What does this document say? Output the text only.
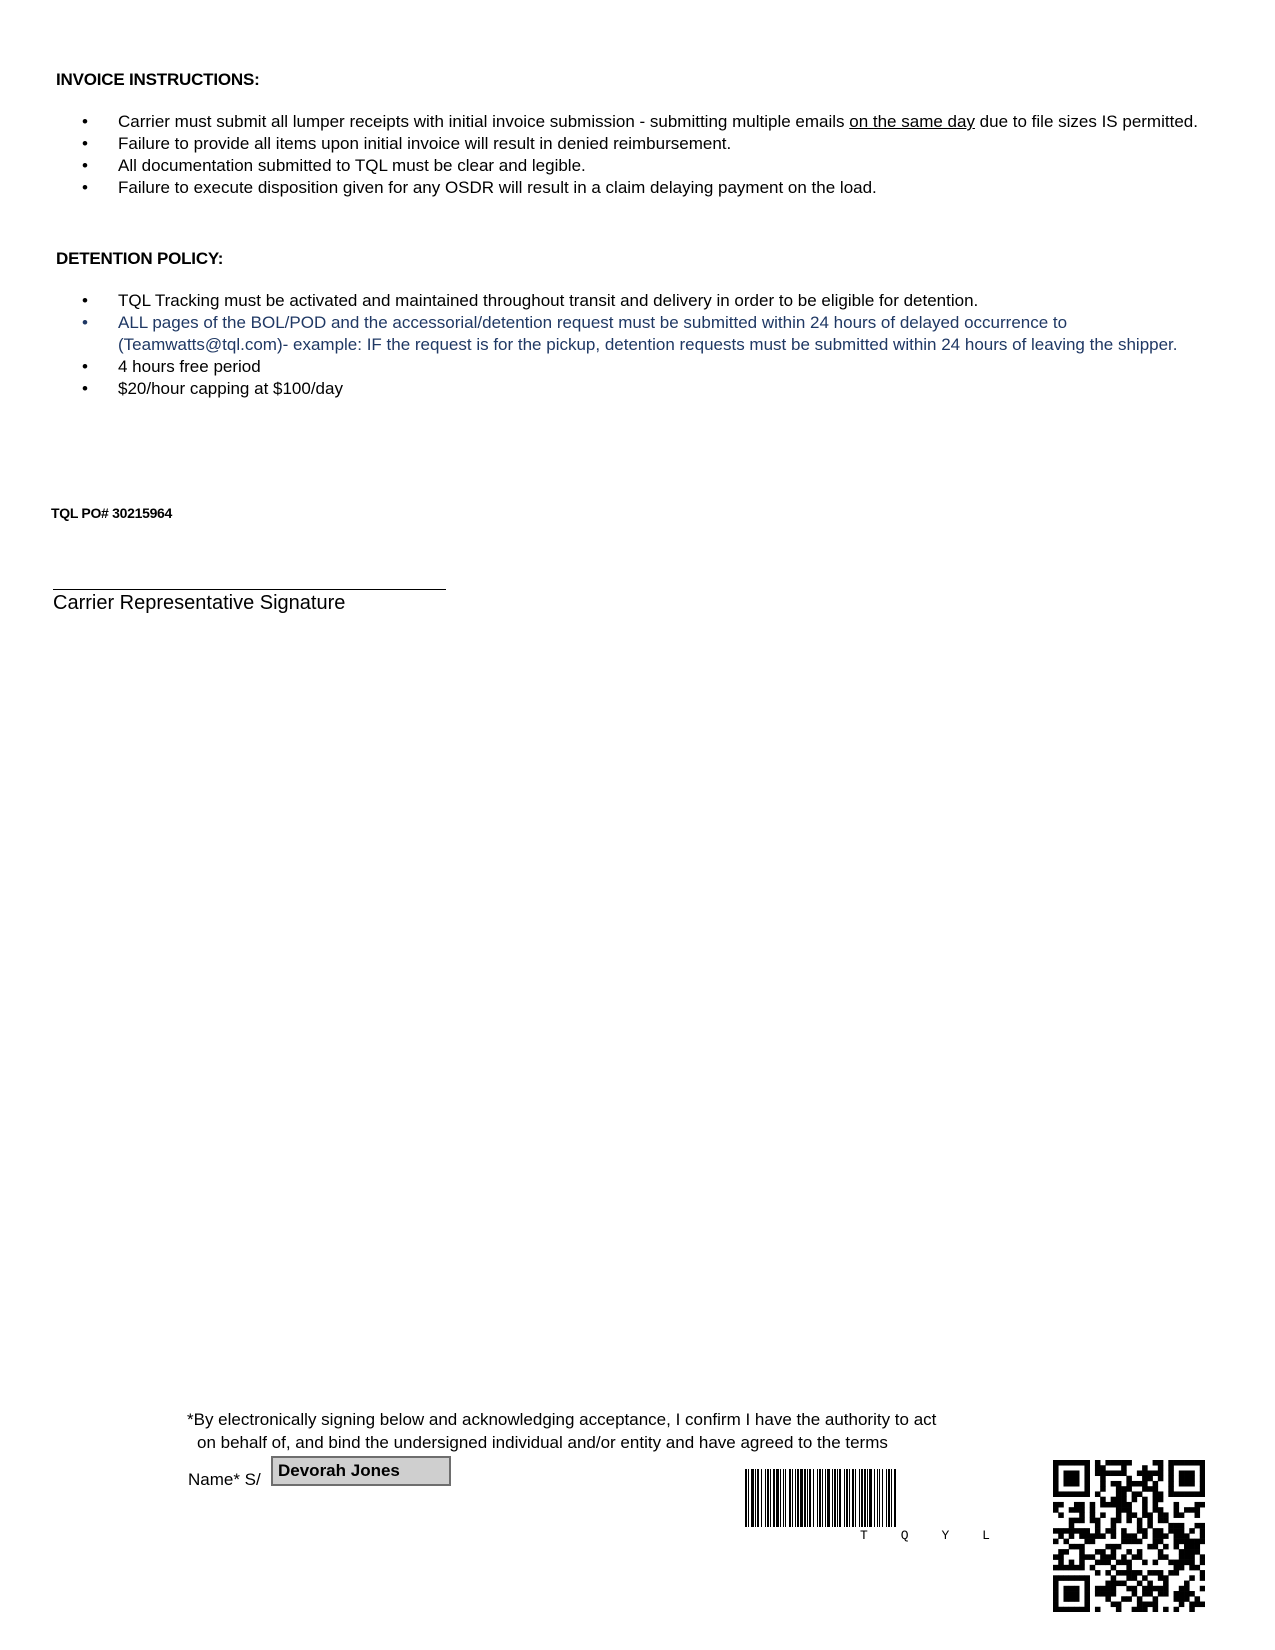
INVOICE INSTRUCTIONS:
•	Carrier must submit all lumper receipts with initial invoice submission - submitting multiple emails on the same day due to file sizes IS permitted.
•	Failure to provide all items upon initial invoice will result in denied reimbursement.
•	All documentation submitted to TQL must be clear and legible.
•	Failure to execute disposition given for any OSDR will result in a claim delaying payment on the load.
DETENTION POLICY:
•	TQL Tracking must be activated and maintained throughout transit and delivery in order to be eligible for detention.
•	ALL pages of the BOL/POD and the accessorial/detention request must be submitted within 24 hours of delayed occurrence to (Teamwatts@tql.com)- example: IF the request is for the pickup, detention requests must be submitted within 24 hours of leaving the shipper.
•	4 hours free period
•	$20/hour capping at $100/day
TQL PO# 30215964
Carrier Representative Signature
*By electronically signing below and acknowledging acceptance, I confirm I have the authority to act
on behalf of, and bind the undersigned individual and/or entity and have agreed to the terms
Name* S/	Devorah Jones
T	Q	Y	L
